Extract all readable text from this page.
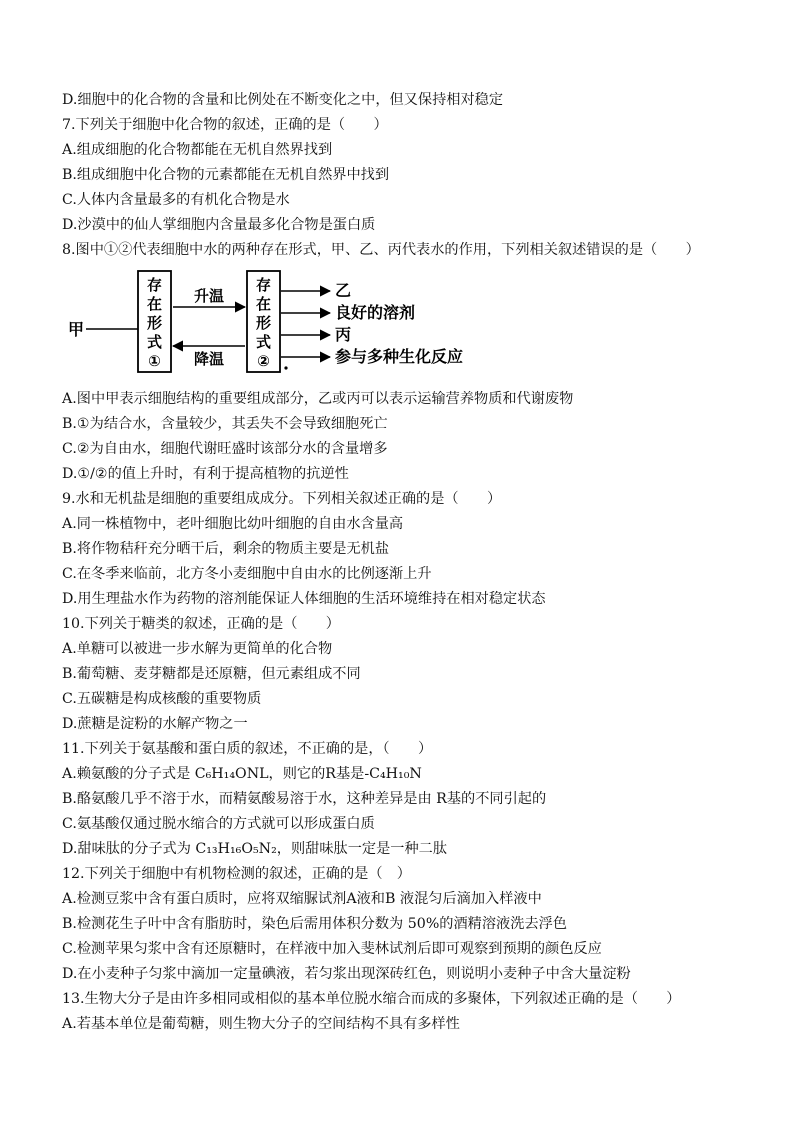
D.细胞中的化合物的含量和比例处在不断变化之中，但又保持相对稳定
7.下列关于细胞中化合物的叙述，正确的是（　　）
A.组成细胞的化合物都能在无机自然界找到
B.组成细胞中化合物的元素都能在无机自然界中找到
C.人体内含量最多的有机化合物是水
D.沙漠中的仙人掌细胞内含量最多化合物是蛋白质
8.图中①②代表细胞中水的两种存在形式，甲、乙、丙代表水的作用，下列相关叙述错误的是（　　）
甲
存
在
形
式
①
升温
降温
存
在
形
式
②
乙
良好的溶剂
丙
参与多种生化反应
A.图中甲表示细胞结构的重要组成部分，乙或丙可以表示运输营养物质和代谢废物
B.①为结合水，含量较少，其丢失不会导致细胞死亡
C.②为自由水，细胞代谢旺盛时该部分水的含量增多
D.①/②的值上升时，有利于提高植物的抗逆性
9.水和无机盐是细胞的重要组成成分。下列相关叙述正确的是（　　）
A.同一株植物中，老叶细胞比幼叶细胞的自由水含量高
B.将作物秸秆充分晒干后，剩余的物质主要是无机盐
C.在冬季来临前，北方冬小麦细胞中自由水的比例逐渐上升
D.用生理盐水作为药物的溶剂能保证人体细胞的生活环境维持在相对稳定状态
10.下列关于糖类的叙述，正确的是（　　）
A.单糖可以被进一步水解为更简单的化合物
B.葡萄糖、麦芽糖都是还原糖，但元素组成不同
C.五碳糖是构成核酸的重要物质
D.蔗糖是淀粉的水解产物之一
11.下列关于氨基酸和蛋白质的叙述，不正确的是，（　　）
A.赖氨酸的分子式是 C₆H₁₄ONL，则它的R基是-C₄H₁₀N
B.酪氨酸几乎不溶于水，而精氨酸易溶于水，这种差异是由 R基的不同引起的
C.氨基酸仅通过脱水缩合的方式就可以形成蛋白质
D.甜味肽的分子式为 C₁₃H₁₆O₅N₂，则甜味肽一定是一种二肽
12.下列关于细胞中有机物检测的叙述，正确的是（　）
A.检测豆浆中含有蛋白质时，应将双缩脲试剂A液和B 液混匀后滴加入样液中
B.检测花生子叶中含有脂肪时，染色后需用体积分数为 50%的酒精溶液洗去浮色
C.检测苹果匀浆中含有还原糖时，在样液中加入斐林试剂后即可观察到预期的颜色反应
D.在小麦种子匀浆中滴加一定量碘液，若匀浆出现深砖红色，则说明小麦种子中含大量淀粉
13.生物大分子是由许多相同或相似的基本单位脱水缩合而成的多聚体，下列叙述正确的是（　　）
A.若基本单位是葡萄糖，则生物大分子的空间结构不具有多样性
